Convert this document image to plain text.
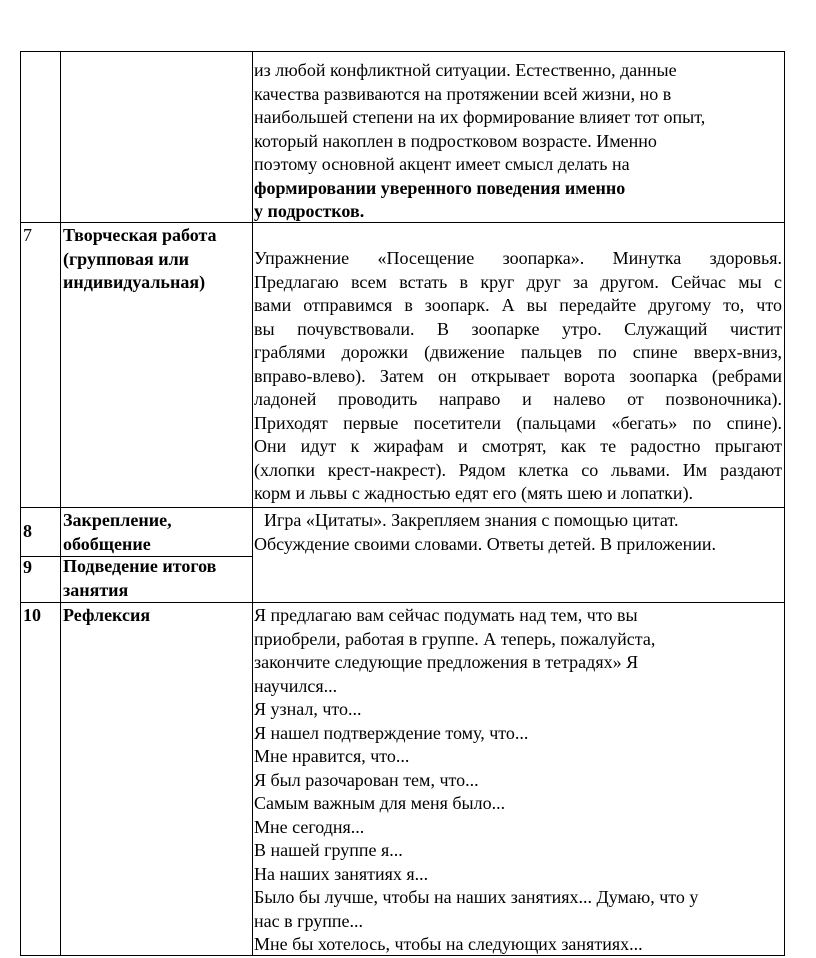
из любой конфликтной ситуации. Естественно, данные
качества развиваются на протяжении всей жизни, но в
наибольшей степени на их формирование влияет тот опыт,
который накоплен в подростковом возрасте. Именно
поэтому основной акцент имеет смысл делать на
формировании уверенного поведения именно
у подростков.
7 Творческая работа
(групповая или
индивидуальная)
Упражнение «Посещение зоопарка». Минутка здоровья.
Предлагаю всем встать в круг друг за другом. Сейчас мы с
вами отправимся в зоопарк. А вы передайте другому то, что
вы почувствовали. В зоопарке утро. Служащий чистит
граблями дорожки (движение пальцев по спине вверх-вниз,
вправо-влево). Затем он открывает ворота зоопарка (ребрами
ладоней проводить направо и налево от позвоночника).
Приходят первые посетители (пальцами «бегать» по спине).
Они идут к жирафам и смотрят, как те радостно прыгают
(хлопки крест-накрест). Рядом клетка со львами. Им раздают
корм и львы с жадностью едят его (мять шею и лопатки).
8
Закрепление,
обобщение
Игра «Цитаты». Закрепляем знания с помощью цитат.
Обсуждение своими словами. Ответы детей. В приложении.
9 Подведение итогов
занятия
10 Рефлексия	Я предлагаю вам сейчас подумать над тем, что вы
приобрели, работая в группе. А теперь, пожалуйста,
закончите следующие предложения в тетрадях» Я
научился...
Я узнал, что...
Я нашел подтверждение тому, что...
Мне нравится, что...
Я был разочарован тем, что...
Самым важным для меня было...
Мне сегодня...
В нашей группе я...
На наших занятиях я...
Было бы лучше, чтобы на наших занятиях... Думаю, что у
нас в группе...
Мне бы хотелось, чтобы на следующих занятиях...
